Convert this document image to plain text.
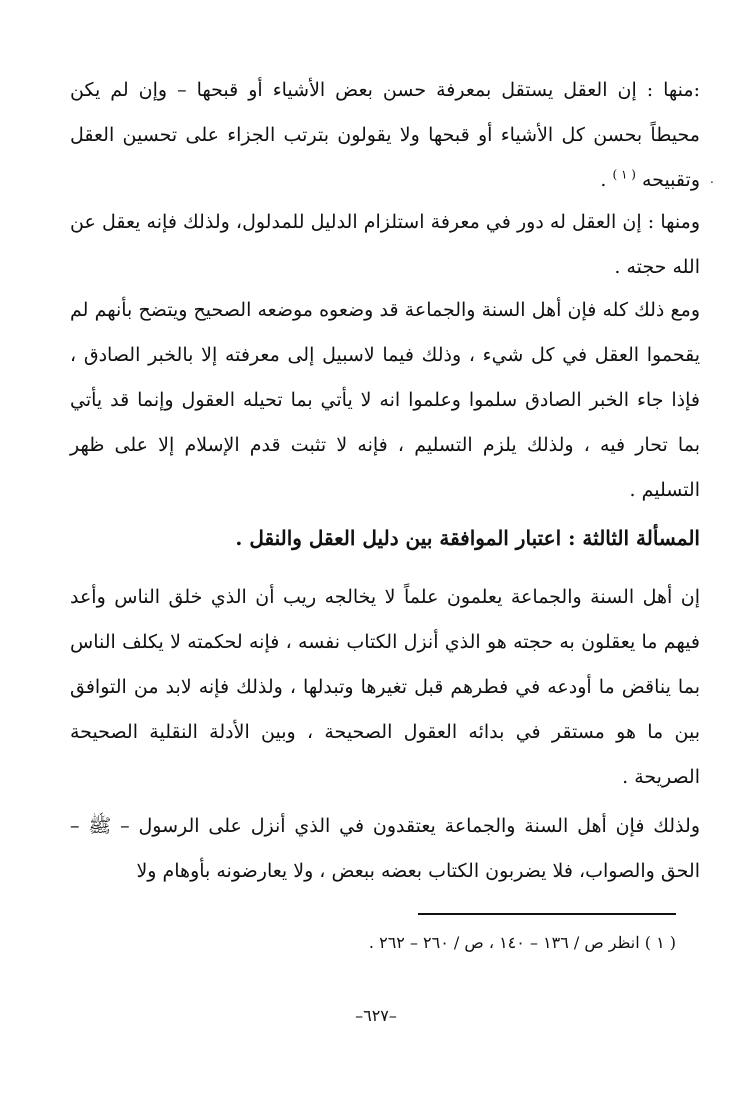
:منها : إن العقل يستقل بمعرفة حسن بعض الأشياء أو قبحها – وإن لم يكن محيطاً بحسن كل الأشياء أو قبحها ولا يقولون بترتب الجزاء على تحسين العقل وتقبيحه $^{( ١ )}$ .	.
ومنها : إن العقل له دور في معرفة استلزام الدليل للمدلول، ولذلك فإنه يعقل عن الله حجته .
ومع ذلك كله فإن أهل السنة والجماعة قد وضعوه موضعه الصحيح ويتضح بأنهم لم يقحموا العقل في كل شيء ، وذلك فيما لاسبيل إلى معرفته إلا بالخبر الصادق ، فإذا جاء الخبر الصادق سلموا وعلموا انه لا يأتي بما تحيله العقول وإنما قد يأتي بما تحار فيه ، ولذلك يلزم التسليم ، فإنه لا تثبت قدم الإسلام إلا على ظهر التسليم .
المسألة الثالثة : اعتبار الموافقة بين دليل العقل والنقل .
إن أهل السنة والجماعة يعلمون علماً لا يخالجه ريب أن الذي خلق الناس وأعد فيهم ما يعقلون به حجته هو الذي أنزل الكتاب نفسه ، فإنه لحكمته لا يكلف الناس بما يناقض ما أودعه في فطرهم قبل تغيرها وتبدلها ، ولذلك فإنه لابد من التوافق بين ما هو مستقر في بدائه العقول الصحيحة ، وبين الأدلة النقلية الصحيحة الصريحة .
ولذلك فإن أهل السنة والجماعة يعتقدون في الذي أنزل على الرسول – ﷺ – الحق والصواب، فلا يضربون الكتاب بعضه ببعض ، ولا يعارضونه بأوهام ولا
( ١ ) انظر ص / ١٣٦ – ١٤٠ ، ص / ٢٦٠ – ٢٦٢ .
–٦٢٧–
